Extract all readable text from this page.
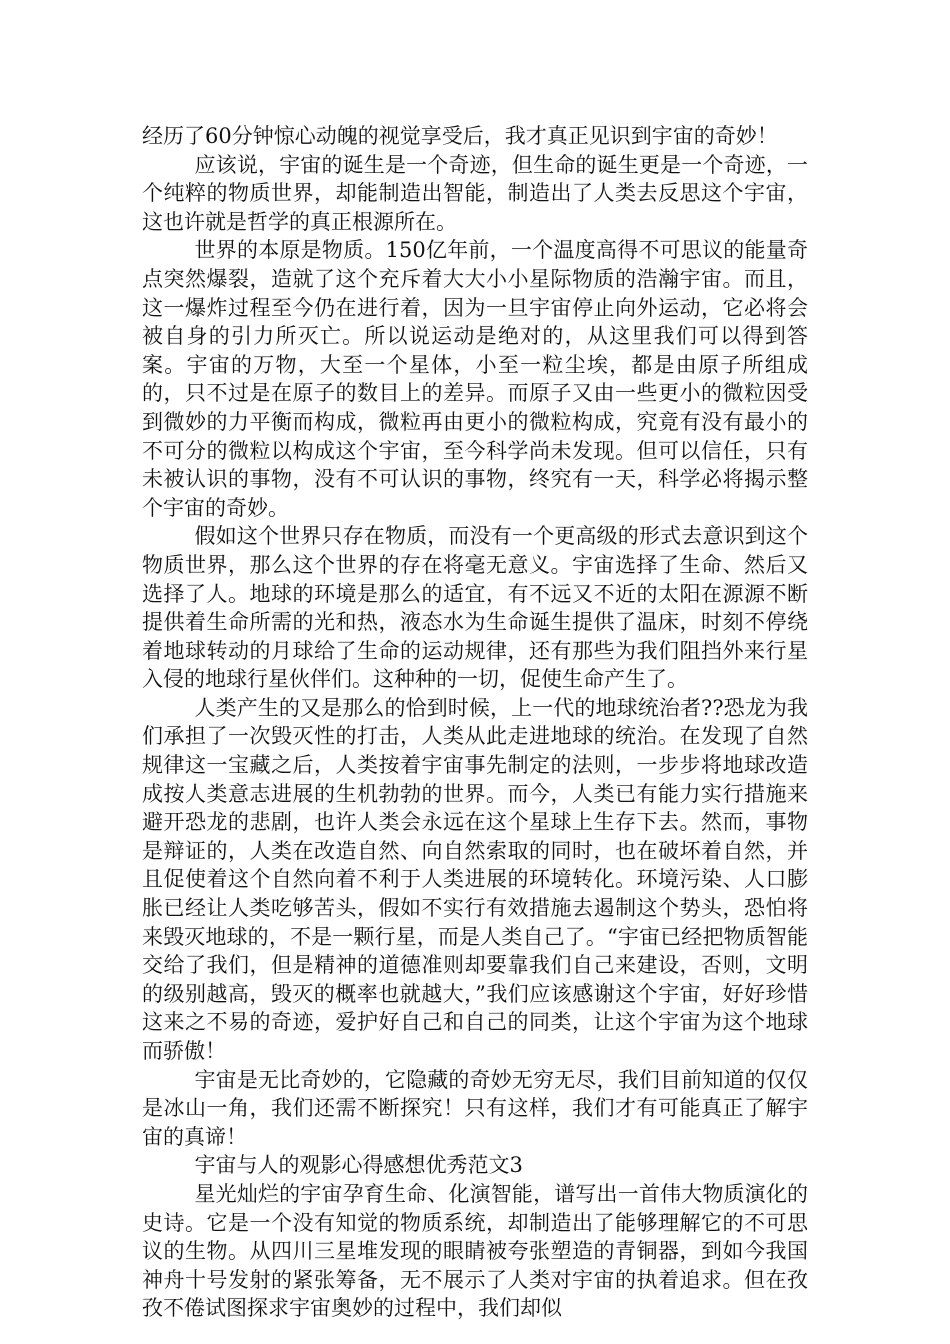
经历了60分钟惊心动魄的视觉享受后，我才真正见识到宇宙的奇妙！

应该说，宇宙的诞生是一个奇迹，但生命的诞生更是一个奇迹，一个纯粹的物质世界，却能制造出智能，制造出了人类去反思这个宇宙，这也许就是哲学的真正根源所在。

世界的本原是物质。150亿年前，一个温度高得不可思议的能量奇点突然爆裂，造就了这个充斥着大大小小星际物质的浩瀚宇宙。而且，这一爆炸过程至今仍在进行着，因为一旦宇宙停止向外运动，它必将会被自身的引力所灭亡。所以说运动是绝对的，从这里我们可以得到答案。宇宙的万物，大至一个星体，小至一粒尘埃，都是由原子所组成的，只不过是在原子的数目上的差异。而原子又由一些更小的微粒因受到微妙的力平衡而构成，微粒再由更小的微粒构成，究竟有没有最小的不可分的微粒以构成这个宇宙，至今科学尚未发现。但可以信任，只有未被认识的事物，没有不可认识的事物，终究有一天，科学必将揭示整个宇宙的奇妙。

假如这个世界只存在物质，而没有一个更高级的形式去意识到这个物质世界，那么这个世界的存在将毫无意义。宇宙选择了生命、然后又选择了人。地球的环境是那么的适宜，有不远又不近的太阳在源源不断提供着生命所需的光和热，液态水为生命诞生提供了温床，时刻不停绕着地球转动的月球给了生命的运动规律，还有那些为我们阻挡外来行星入侵的地球行星伙伴们。这种种的一切，促使生命产生了。

人类产生的又是那么的恰到时候，上一代的地球统治者??恐龙为我们承担了一次毁灭性的打击，人类从此走进地球的统治。在发现了自然规律这一宝藏之后，人类按着宇宙事先制定的法则，一步步将地球改造成按人类意志进展的生机勃勃的世界。而今，人类已有能力实行措施来避开恐龙的悲剧，也许人类会永远在这个星球上生存下去。然而，事物是辩证的，人类在改造自然、向自然索取的同时，也在破坏着自然，并且促使着这个自然向着不利于人类进展的环境转化。环境污染、人口膨胀已经让人类吃够苦头，假如不实行有效措施去遏制这个势头，恐怕将来毁灭地球的，不是一颗行星，而是人类自己了。“宇宙已经把物质智能交给了我们，但是精神的道德准则却要靠我们自己来建设，否则，文明的级别越高，毁灭的概率也就越大，”我们应该感谢这个宇宙，好好珍惜这来之不易的奇迹，爱护好自己和自己的同类，让这个宇宙为这个地球而骄傲！

宇宙是无比奇妙的，它隐藏的奇妙无穷无尽，我们目前知道的仅仅是冰山一角，我们还需不断探究！只有这样，我们才有可能真正了解宇宙的真谛！

宇宙与人的观影心得感想优秀范文3

星光灿烂的宇宙孕育生命、化演智能，谱写出一首伟大物质演化的史诗。它是一个没有知觉的物质系统，却制造出了能够理解它的不可思议的生物。从四川三星堆发现的眼睛被夸张塑造的青铜器，到如今我国神舟十号发射的紧张筹备，无不展示了人类对宇宙的执着追求。但在孜孜不倦试图探求宇宙奥妙的过程中，我们却似
